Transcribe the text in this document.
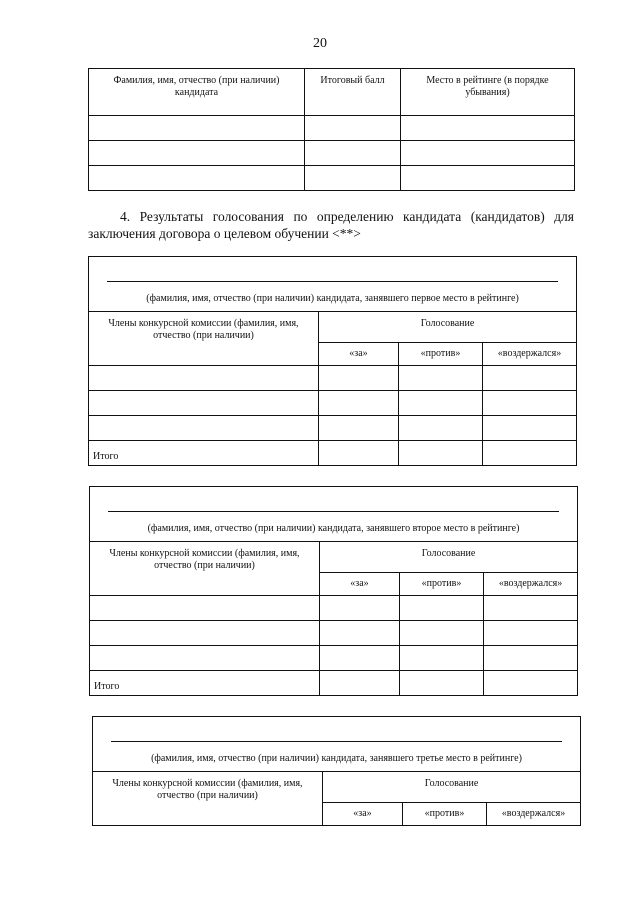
20
Фамилия, имя, отчество (при наличии) кандидата	Итоговый балл	Место в рейтинге (в порядке убывания)

4. Результаты голосования по определению кандидата (кандидатов) для заключения договора о целевом обучении <**>
(фамилия, имя, отчество (при наличии) кандидата, занявшего первое место в рейтинге)			
Члены конкурсной комиссии (фамилия, имя, отчество (при наличии)	Голосование		
	«за»	«против»	«воздержался»

Итого			
(фамилия, имя, отчество (при наличии) кандидата, занявшего второе место в рейтинге)			
Члены конкурсной комиссии (фамилия, имя, отчество (при наличии)	Голосование		
	«за»	«против»	«воздержался»

Итого			
(фамилия, имя, отчество (при наличии) кандидата, занявшего третье место в рейтинге)			
Члены конкурсной комиссии (фамилия, имя, отчество (при наличии)	Голосование		
	«за»	«против»	«воздержался»
